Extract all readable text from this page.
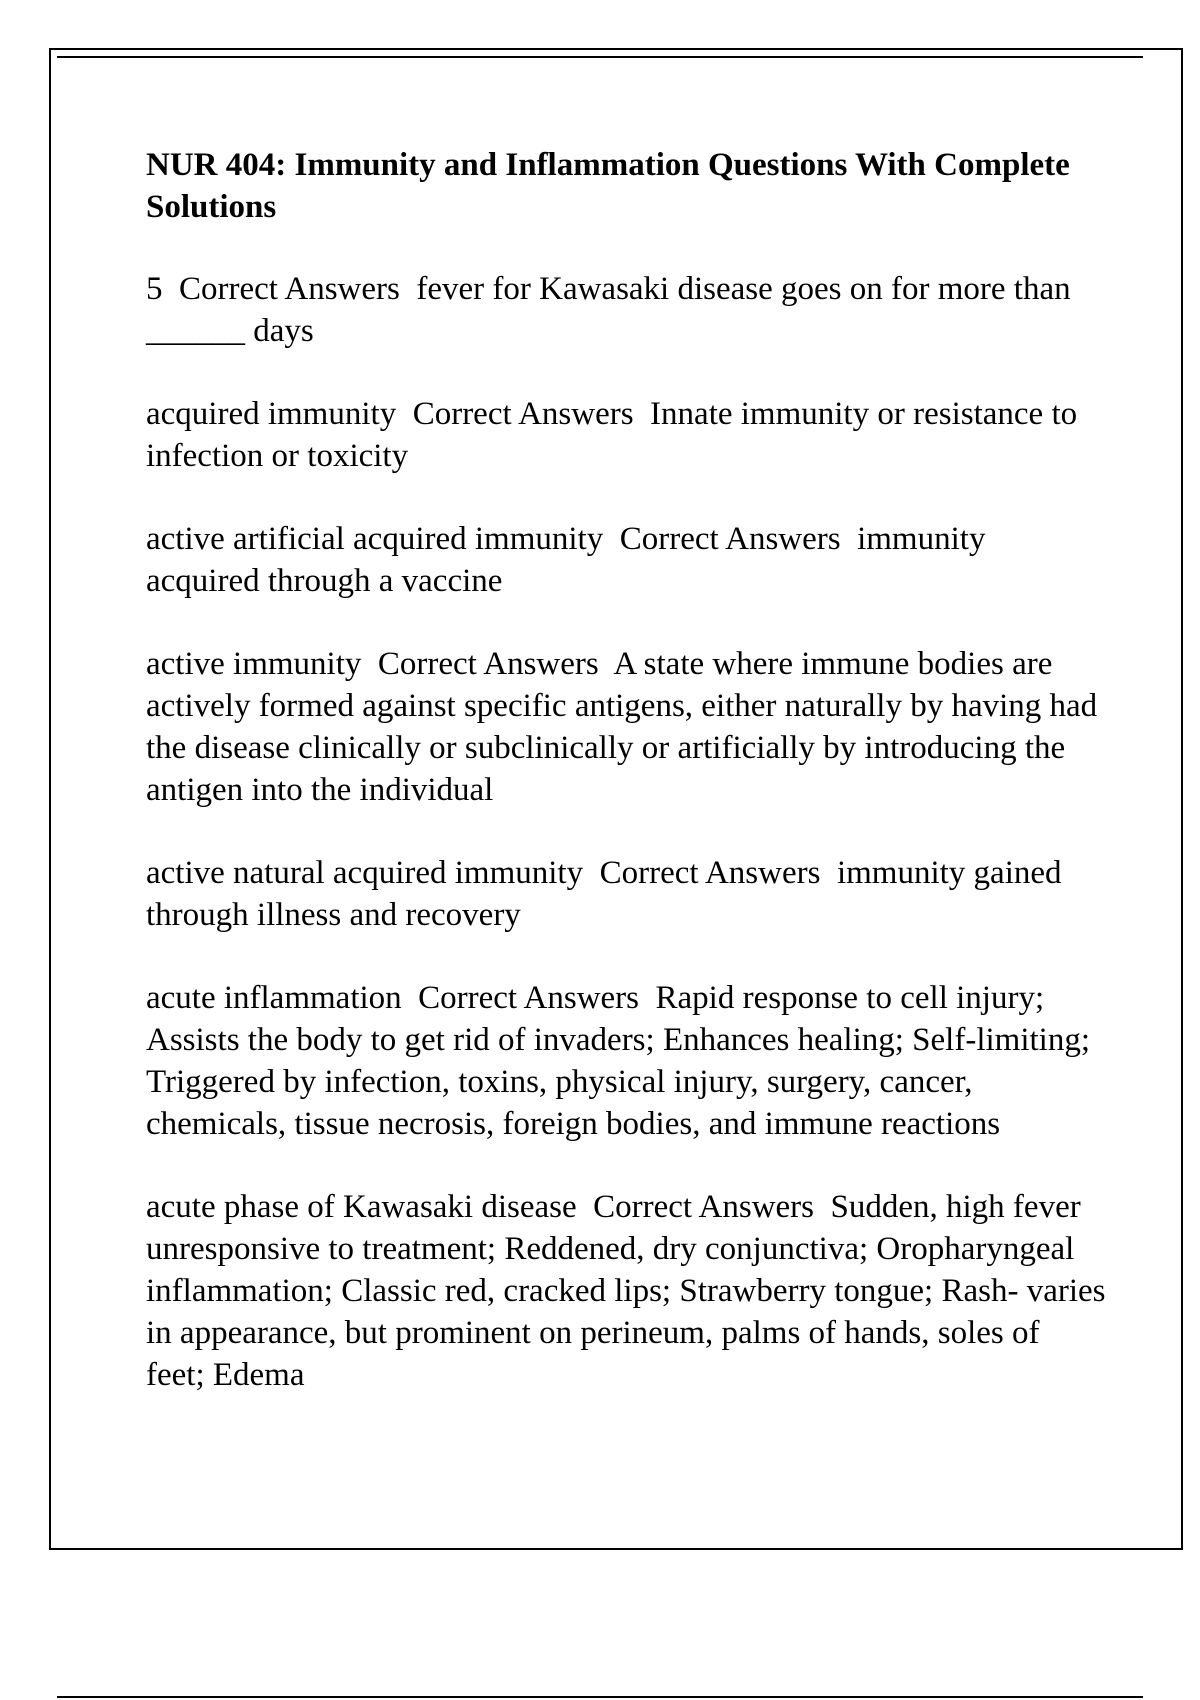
NUR 404: Immunity and Inflammation Questions With Complete Solutions

5  Correct Answers  fever for Kawasaki disease goes on for more than ______ days

acquired immunity  Correct Answers  Innate immunity or resistance to infection or toxicity

active artificial acquired immunity  Correct Answers  immunity acquired through a vaccine

active immunity  Correct Answers  A state where immune bodies are actively formed against specific antigens, either naturally by having had the disease clinically or subclinically or artificially by introducing the antigen into the individual

active natural acquired immunity  Correct Answers  immunity gained through illness and recovery

acute inflammation  Correct Answers  Rapid response to cell injury; Assists the body to get rid of invaders; Enhances healing; Self-limiting; Triggered by infection, toxins, physical injury, surgery, cancer, chemicals, tissue necrosis, foreign bodies, and immune reactions

acute phase of Kawasaki disease  Correct Answers  Sudden, high fever unresponsive to treatment; Reddened, dry conjunctiva; Oropharyngeal inflammation; Classic red, cracked lips; Strawberry tongue; Rash- varies in appearance, but prominent on perineum, palms of hands, soles of feet; Edema
